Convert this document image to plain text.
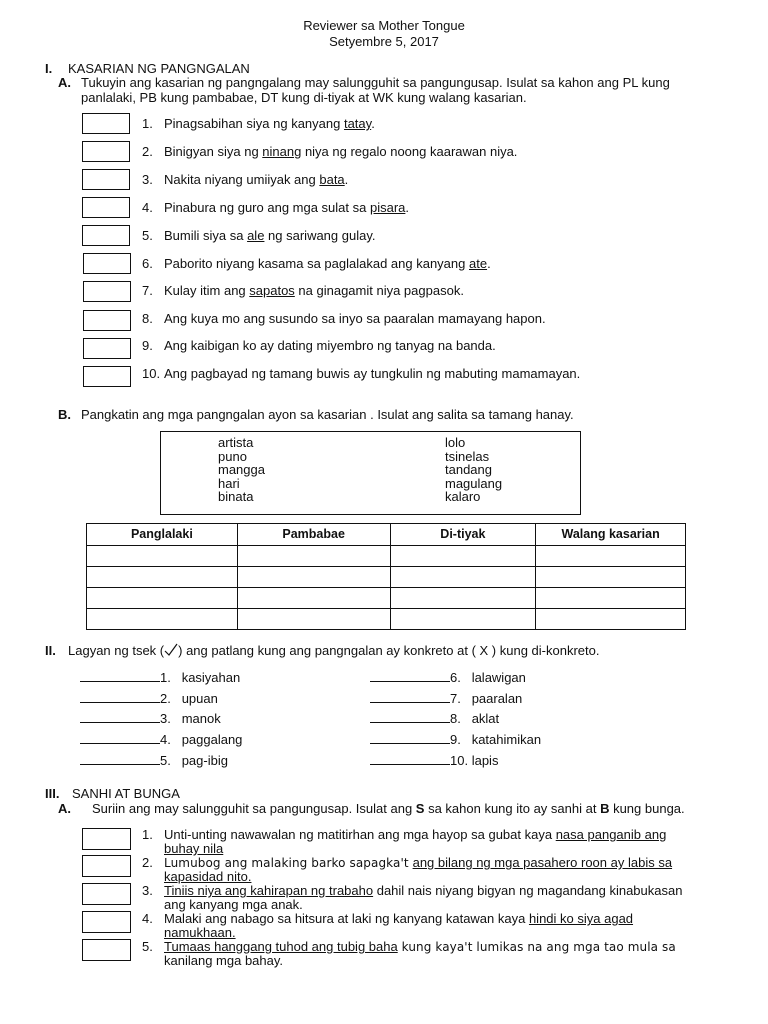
Reviewer sa Mother Tongue
Setyembre 5, 2017
I. KASARIAN NG PANGNGALAN
A. Tukuyin ang kasarian ng pangngalang may salungguhit sa pangungusap. Isulat sa kahon ang PL kung
panlalaki, PB kung pambabae, DT kung di-tiyak at WK kung walang kasarian.
1. Pinagsabihan siya ng kanyang tatay.
2. Binigyan siya ng ninang niya ng regalo noong kaarawan niya.
3. Nakita niyang umiiyak ang bata.
4. Pinabura ng guro ang mga sulat sa pisara.
5. Bumili siya sa ale ng sariwang gulay.
6. Paborito niyang kasama sa paglalakad ang kanyang ate.
7. Kulay itim ang sapatos na ginagamit niya pagpasok.
8. Ang kuya mo ang susundo sa inyo sa paaralan mamayang hapon.
9. Ang kaibigan ko ay dating miyembro ng tanyag na banda.
10. Ang pagbayad ng tamang buwis ay tungkulin ng mabuting mamamayan.
B. Pangkatin ang mga pangngalan ayon sa kasarian . Isulat ang salita sa tamang hanay.
artista
puno
mangga
hari
binata
lolo
tsinelas
tandang
magulang
kalaro
Panglalaki	Pambabae	Di-tiyak	Walang kasarian

II. Lagyan ng tsek ( ) ang patlang kung ang pangngalan ay konkreto at ( X ) kung di-konkreto.
1. kasiyahan
2. upuan
3. manok
4. paggalang
5. pag-ibig
6. lalawigan
7. paaralan
8. aklat
9. katahimikan
10. lapis
III. SANHI AT BUNGA
A. Suriin ang may salungguhit sa pangungusap. Isulat ang S sa kahon kung ito ay sanhi at B kung bunga.
1. Unti-unting nawawalan ng matitirhan ang mga hayop sa gubat kaya nasa panganib ang
buhay nila
2. Lumubog ang malaking barko sapagka't ang bilang ng mga pasahero roon ay labis sa
kapasidad nito.
3. Tiniis niya ang kahirapan ng trabaho dahil nais niyang bigyan ng magandang kinabukasan
ang kanyang mga anak.
4. Malaki ang nabago sa hitsura at laki ng kanyang katawan kaya hindi ko siya agad
namukhaan.
5. Tumaas hanggang tuhod ang tubig baha kung kaya't lumikas na ang mga tao mula sa
kanilang mga bahay.
